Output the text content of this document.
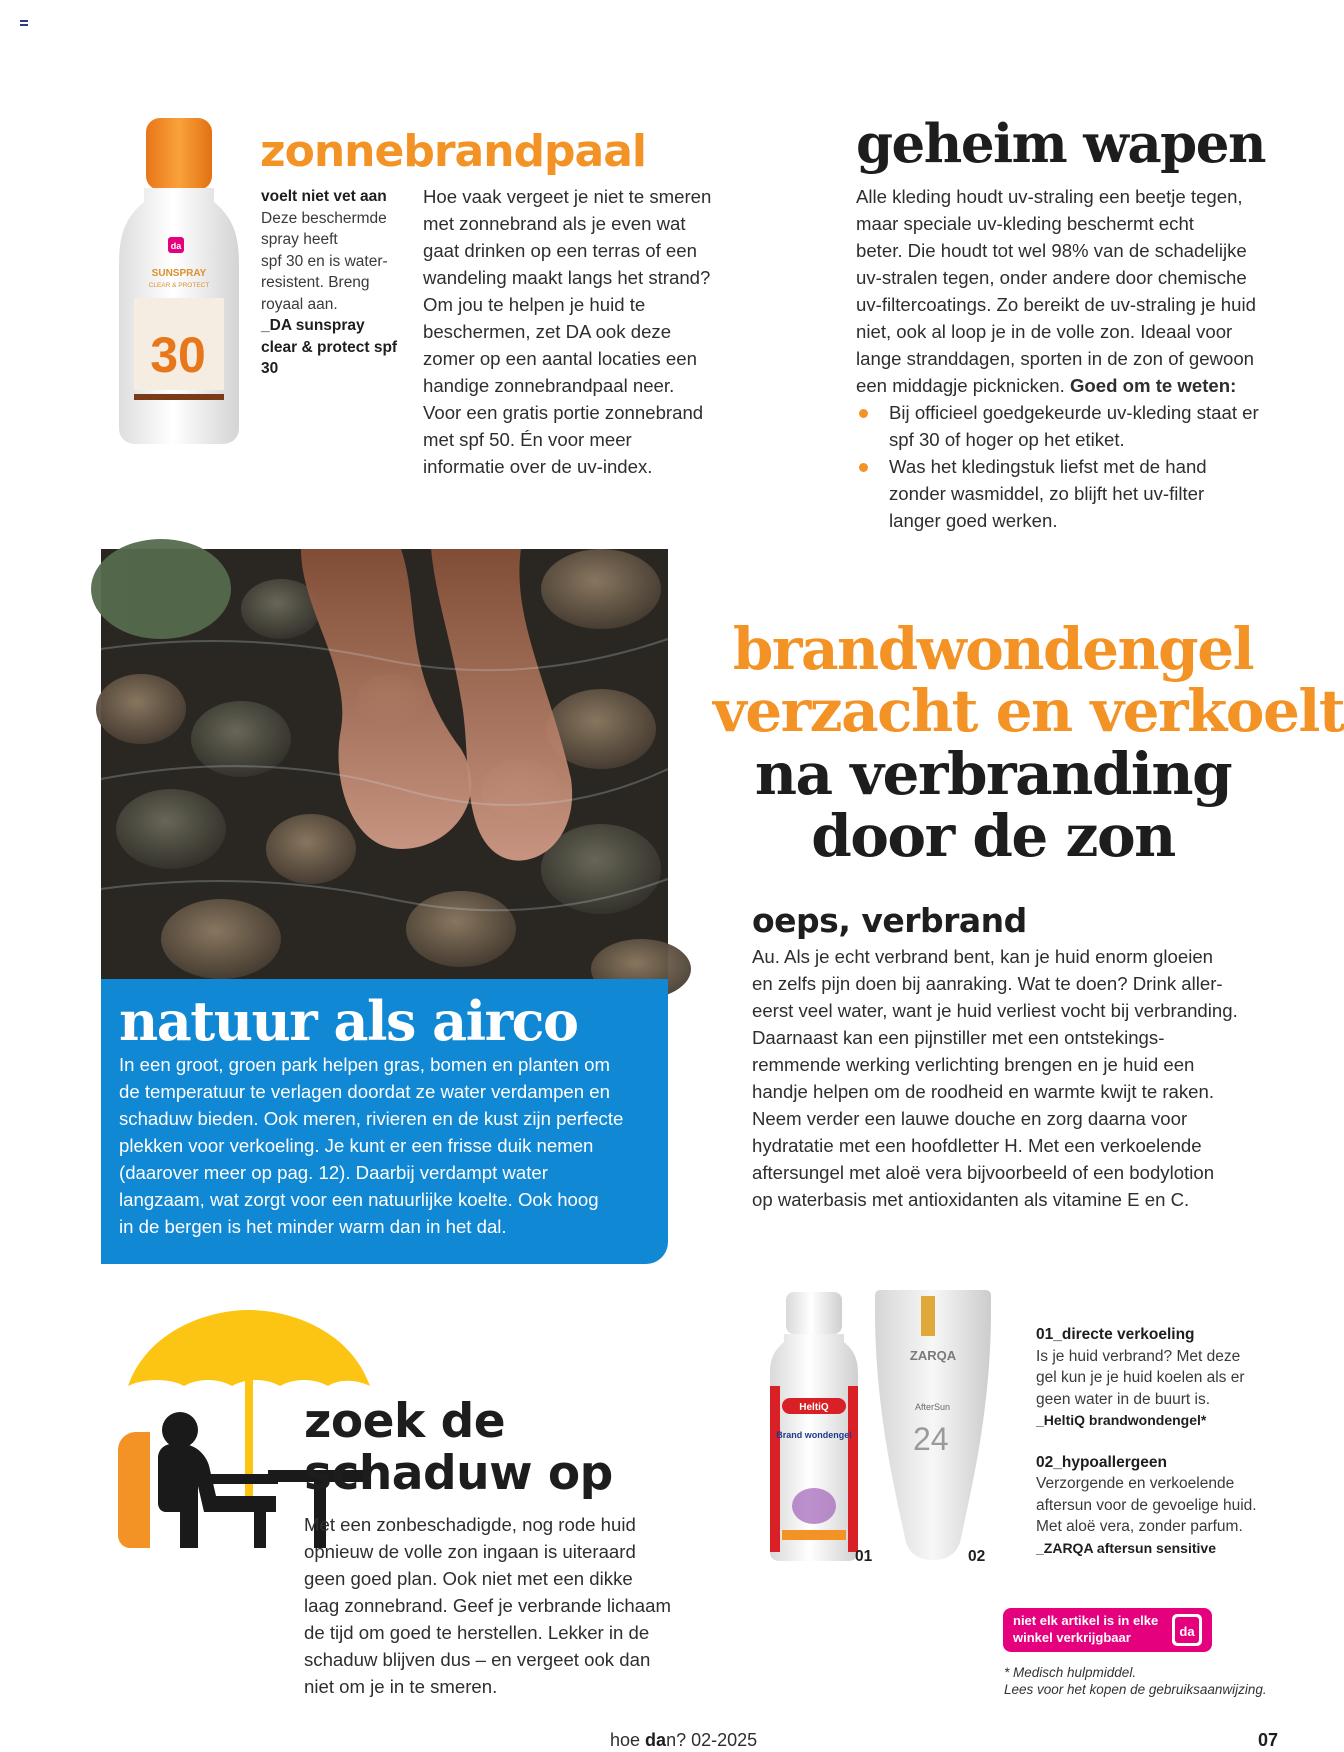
da
SUNSPRAY
CLEAR & PROTECT
30
zonnebrandpaal
voelt niet vet aan
Deze beschermde
spray heeft
spf 30 en is water-
resistent. Breng
royaal aan.
_DA sunspray
clear & protect spf 30
Hoe vaak vergeet je niet te smeren
met zonnebrand als je even wat
gaat drinken op een terras of een
wandeling maakt langs het strand?
Om jou te helpen je huid te
beschermen, zet DA ook deze
zomer op een aantal locaties een
handige zonnebrandpaal neer.
Voor een gratis portie zonnebrand
met spf 50. Én voor meer
informatie over de uv-index.
geheim wapen
Alle kleding houdt uv-straling een beetje tegen,
maar speciale uv-kleding beschermt echt
beter. Die houdt tot wel 98% van de schadelijke
uv-stralen tegen, onder andere door chemische
uv-filtercoatings. Zo bereikt de uv-straling je huid
niet, ook al loop je in de volle zon. Ideaal voor
lange stranddagen, sporten in de zon of gewoon
een middagje picknicken. Goed om te weten:
Bij officieel goedgekeurde uv-kleding staat er
spf 30 of hoger op het etiket.
Was het kledingstuk liefst met de hand
zonder wasmiddel, zo blijft het uv-filter
langer goed werken.
natuur als airco
In een groot, groen park helpen gras, bomen en planten om
de temperatuur te verlagen doordat ze water verdampen en
schaduw bieden. Ook meren, rivieren en de kust zijn perfecte
plekken voor verkoeling. Je kunt er een frisse duik nemen
(daarover meer op pag. 12). Daarbij verdampt water
langzaam, wat zorgt voor een natuurlijke koelte. Ook hoog
in de bergen is het minder warm dan in het dal.
brandwondengel
verzacht en verkoelt
na verbranding
door de zon
oeps, verbrand
Au. Als je echt verbrand bent, kan je huid enorm gloeien
en zelfs pijn doen bij aanraking. Wat te doen? Drink aller-
eerst veel water, want je huid verliest vocht bij verbranding.
Daarnaast kan een pijnstiller met een ontstekings-
remmende werking verlichting brengen en je huid een
handje helpen om de roodheid en warmte kwijt te raken.
Neem verder een lauwe douche en zorg daarna voor
hydratatie met een hoofdletter H. Met een verkoelende
aftersungel met aloë vera bijvoorbeeld of een bodylotion
op waterbasis met antioxidanten als vitamine E en C.
zoek de
schaduw op
Met een zonbeschadigde, nog rode huid
opnieuw de volle zon ingaan is uiteraard
geen goed plan. Ook niet met een dikke
laag zonnebrand. Geef je verbrande lichaam
de tijd om goed te herstellen. Lekker in de
schaduw blijven dus – en vergeet ook dan
niet om je in te smeren.
HeltiQ
Brand wondengel
ZARQA
AfterSun
24
01	02
01_directe verkoeling
Is je huid verbrand? Met deze
gel kun je je huid koelen als er
geen water in de buurt is.
_HeltiQ brandwondengel*
02_hypoallergeen
Verzorgende en verkoelende
aftersun voor de gevoelige huid.
Met aloë vera, zonder parfum.
_ZARQA aftersun sensitive
niet elk artikel is in elke
winkel verkrijgbaar	da
* Medisch hulpmiddel.
Lees voor het kopen de gebruiksaanwijzing.
hoe dan? 02-2025	07
